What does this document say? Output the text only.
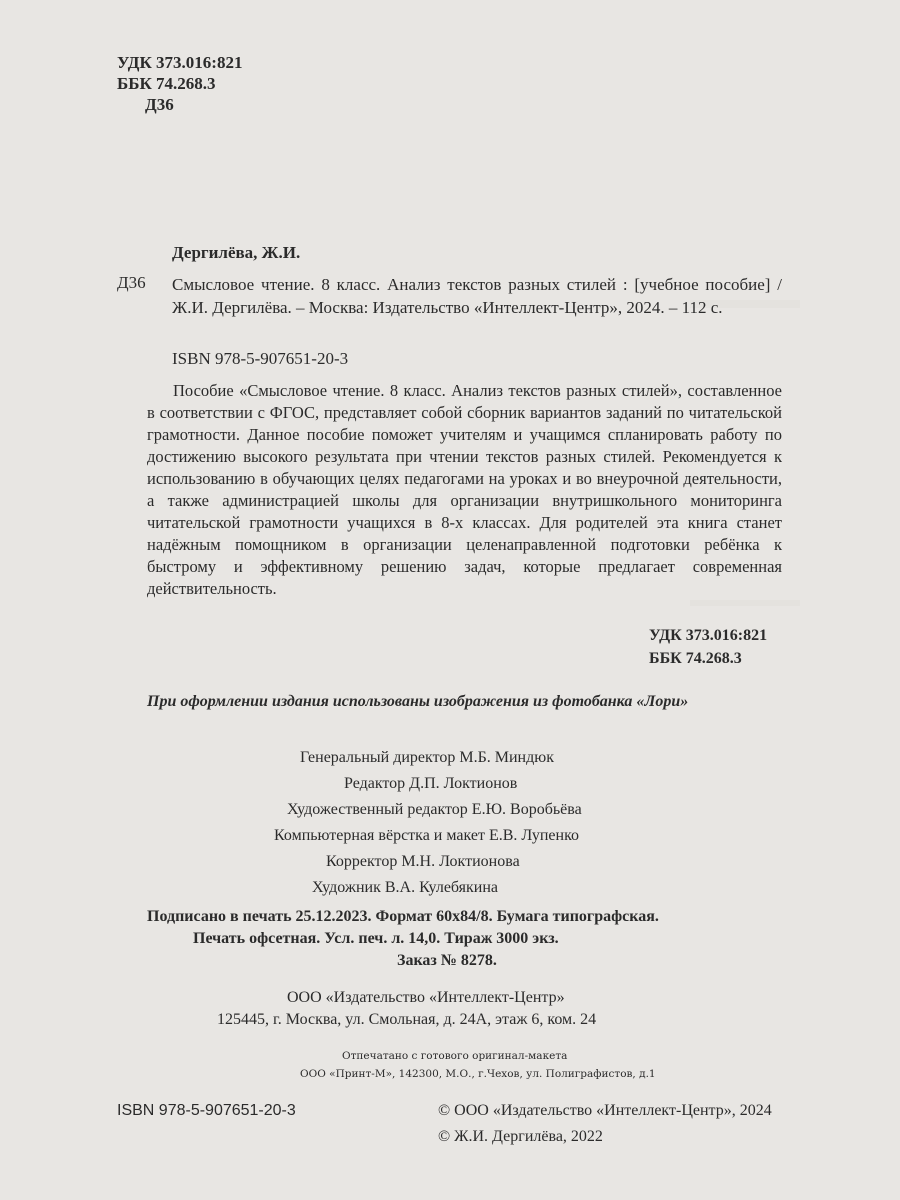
УДК 373.016:821
ББК 74.268.3
Д36
Дергилёва, Ж.И.
Д36 Смысловое чтение. 8 класс. Анализ текстов разных стилей : [учебное пособие] / Ж.И. Дергилёва. – Москва: Издательство «Интеллект-Центр», 2024. – 112 с.
ISBN 978-5-907651-20-3

Пособие «Смысловое чтение. 8 класс. Анализ текстов разных стилей», составленное в соответствии с ФГОС, представляет собой сборник вариантов заданий по читательской грамотности. Данное пособие поможет учителям и учащимся спланировать работу по достижению высокого результата при чтении текстов разных стилей. Рекомендуется к использованию в обучающих целях педагогами на уроках и во внеурочной деятельности, а также администрацией школы для организации внутришкольного мониторинга читательской грамотности учащихся в 8-х классах. Для родителей эта книга станет надёжным помощником в организации целенаправленной подготовки ребёнка к быстрому и эффективному решению задач, которые предлагает современная действительность.

УДК 373.016:821
ББК 74.268.3
При оформлении издания использованы изображения из фотобанка «Лори»
Генеральный директор М.Б. Миндюк
Редактор Д.П. Локтионов
Художественный редактор Е.Ю. Воробьёва
Компьютерная вёрстка и макет Е.В. Лупенко
Корректор М.Н. Локтионова
Художник В.А. Кулебякина
Подписано в печать 25.12.2023. Формат 60x84/8. Бумага типографская.
Печать офсетная. Усл. печ. л. 14,0. Тираж 3000 экз.
Заказ № 8278.
ООО «Издательство «Интеллект-Центр»
125445, г. Москва, ул. Смольная, д. 24А, этаж 6, ком. 24
Отпечатано с готового оригинал-макета
ООО «Принт-М», 142300, М.О., г.Чехов, ул. Полиграфистов, д.1
ISBN 978-5-907651-20-3	© ООО «Издательство «Интеллект-Центр», 2024
© Ж.И. Дергилёва, 2022
